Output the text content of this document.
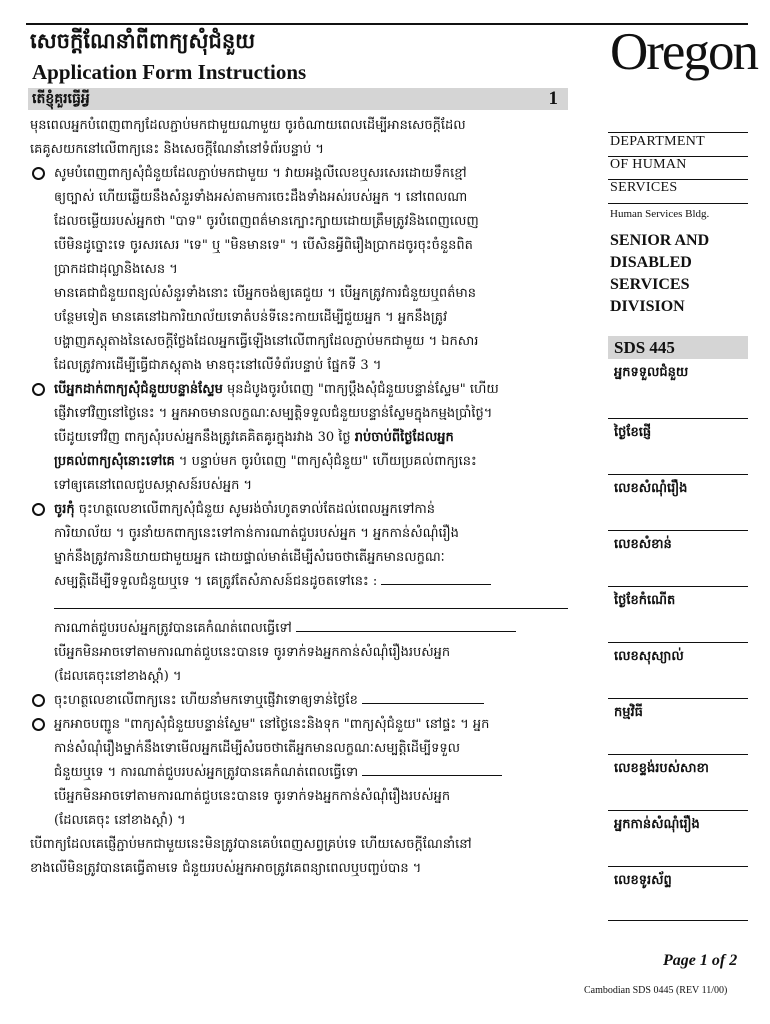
សេចក្តីណែនាំពីពាក្យសុំជំនួយ
Application Form Instructions
តើខ្ញុំគួរធ្វើអ្វី	1
មុនពេលអ្នកបំពេញពាក្យដែលភ្ជាប់មកជាមួយណាមួយ ចូរចំណាយពេលដើម្បីអានសេចក្តីដែល
គេគូសយកនៅលើពាក្យនេះ និងសេចក្តីណែនាំនៅទំព័របន្ទាប់ ។
សូមបំពេញពាក្យសុំជំនួយដែលភ្ជាប់មកជាមួយ ។ វាយអង្គលីលេខឬសរសេរដោយទឹកខ្មៅ
ឲ្យច្បាស់ ហើយឆ្លើយនឹងសំនួរទាំងអស់តាមការចេះដឹងទាំងអស់របស់អ្នក ។ នៅពេលណា
ដែលចម្លើយរបស់អ្នកថា "បាទ" ចូរបំពេញពត៌មានក្បោះក្បាយដោយត្រឹមត្រូវនិងពេញលេញ
បើមិនដូច្នោះទេ ចូរសរសេរ "ទេ" ឬ "មិនមានទេ" ។ បើសិនអ្វីពិរឿងប្រាកដចូរចុះចំនួនពិត
ប្រាកដជាដុល្លានិងសេន ។
មានគេជាជំនួយពន្យល់សំនួរទាំងនោះ បើអ្នកចង់ឲ្យគេជួយ ។ បើអ្នកត្រូវការជំនួយឬពត៌មាន
បន្ថែមទៀត មានគេនៅឯការិយាល័យទោតំបន់ទីនេះកាយដើម្បីជួយអ្នក ។ អ្នកនឹងត្រូវ
បង្ហាញភស្តុតាងនៃសេចក្តីថ្លែងដែលអ្នកធ្វើឡើងនៅលើពាក្យដែលភ្ជាប់មកជាមួយ ។ ឯកសារ
ដែលត្រូវការដើម្បីធ្វើជាភស្តុតាង មានចុះនៅលើទំព័របន្ទាប់ ផ្នែកទី 3 ។
បើអ្នកដាក់ពាក្យសុំជំនួយបន្ទាន់ស្ទែម មុនដំបូងចូរបំពេញ "ពាក្យប្តឹងសុំជំនួយបន្ទាន់ស្ទែម" ហើយ
ផ្ញើវាទៅវិញនៅថ្ងៃនេះ ។ អ្នកអាចមានលក្ខណៈសម្បត្តិទទួលជំនួយបន្ទាន់ស្ទែមក្នុងកម្មងប្រាំថ្ងៃ។
បើដូយទៅវិញ ពាក្យសុំរបស់អ្នកនឹងត្រូវគេគិតគូរក្នុងរវាង 30 ថ្ងៃ រាប់ចាប់ពីថ្ងៃដែលអ្នក
ប្រគល់ពាក្យសុំនោះទៅគេ ។ បន្ទាប់មក ចូរបំពេញ "ពាក្យសុំជំនួយ" ហើយប្រគល់ពាក្យនេះ
ទៅឲ្យគេនៅពេលជួបសម្ភាសន៍របស់អ្នក ។
ចូរកុំ ចុះហត្ថលេខាលើពាក្យសុំជំនួយ សូមរង់ចាំរហូតទាល់តែដល់ពេលអ្នកទៅកាន់
ការិយាល័យ ។ ចូរនាំយកពាក្យនេះទៅកាន់ការណាត់ជួបរបស់អ្នក ។ អ្នកកាន់សំណុំរឿង
ម្នាក់នឹងត្រូវការនិយាយជាមួយអ្នក ដោយផ្ទាល់មាត់ដើម្បីសំរេចថាតើអ្នកមានលក្ខណៈ
សម្បត្តិដើម្បីទទួលជំនួយឬទេ ។ គេត្រូវតែសំភាសន៍ជនដូចតទៅនេះ :
ការណាត់ជួបរបស់អ្នកត្រូវបានគេកំណត់ពេលធ្វើទៅ
បើអ្នកមិនអាចទៅតាមការណាត់ជួបនេះបានទេ ចូរទាក់ទងអ្នកកាន់សំណុំរឿងរបស់អ្នក
(ដែលគេចុះនៅខាងស្តាំ) ។
ចុះហត្ថលេខាលើពាក្យនេះ ហើយនាំមកទោឬផ្ញើវាទោឲ្យទាន់ថ្ងៃខែ
អ្នកអាចបញ្ជូន "ពាក្យសុំជំនួយបន្ទាន់ស្ទែម" នៅថ្ងៃនេះនិងទុក "ពាក្យសុំជំនួយ" នៅផ្ទះ ។ អ្នក
កាន់សំណុំរឿងម្នាក់នឹងទោមើលអ្នកដើម្បីសំរេចថាតើអ្នកមានលក្ខណៈសម្បត្តិដើម្បីទទួល
ជំនួយឬទេ ។ ការណាត់ជួបរបស់អ្នកត្រូវបានគេកំណត់ពេលធ្វើទោ
បើអ្នកមិនអាចទៅតាមការណាត់ជួបនេះបានទេ ចូរទាក់ទងអ្នកកាន់សំណុំរឿងរបស់អ្នក
(ដែលគេចុះ នៅខាងស្តាំ) ។
បើពាក្យដែលគេផ្ញើភ្ជាប់មកជាមួយនេះមិនត្រូវបានគេបំពេញសព្វគ្រប់ទេ ហើយសេចក្តីណែនាំនៅ
ខាងលើមិនត្រូវបានគេធ្វើតាមទេ ជំនួយរបស់អ្នកអាចត្រូវគេពន្យាពេលឬបញ្ចប់បាន ។
Oregon
DEPARTMENT
OF HUMAN
SERVICES
Human Services Bldg.
SENIOR AND
DISABLED
SERVICES
DIVISION
SDS 445
អ្នកទទួលជំនួយ
ថ្ងៃខែផ្ញើ
លេខសំណុំរឿង
លេខសំខាន់
ថ្ងៃខែកំណើត
លេខសុស្យាល់
កម្មវិធី
លេខខ្ទង់របស់សាខា
អ្នកកាន់សំណុំរឿង
លេខទូរស័ព្ទ
Page 1 of 2
Cambodian SDS 0445 (REV 11/00)
